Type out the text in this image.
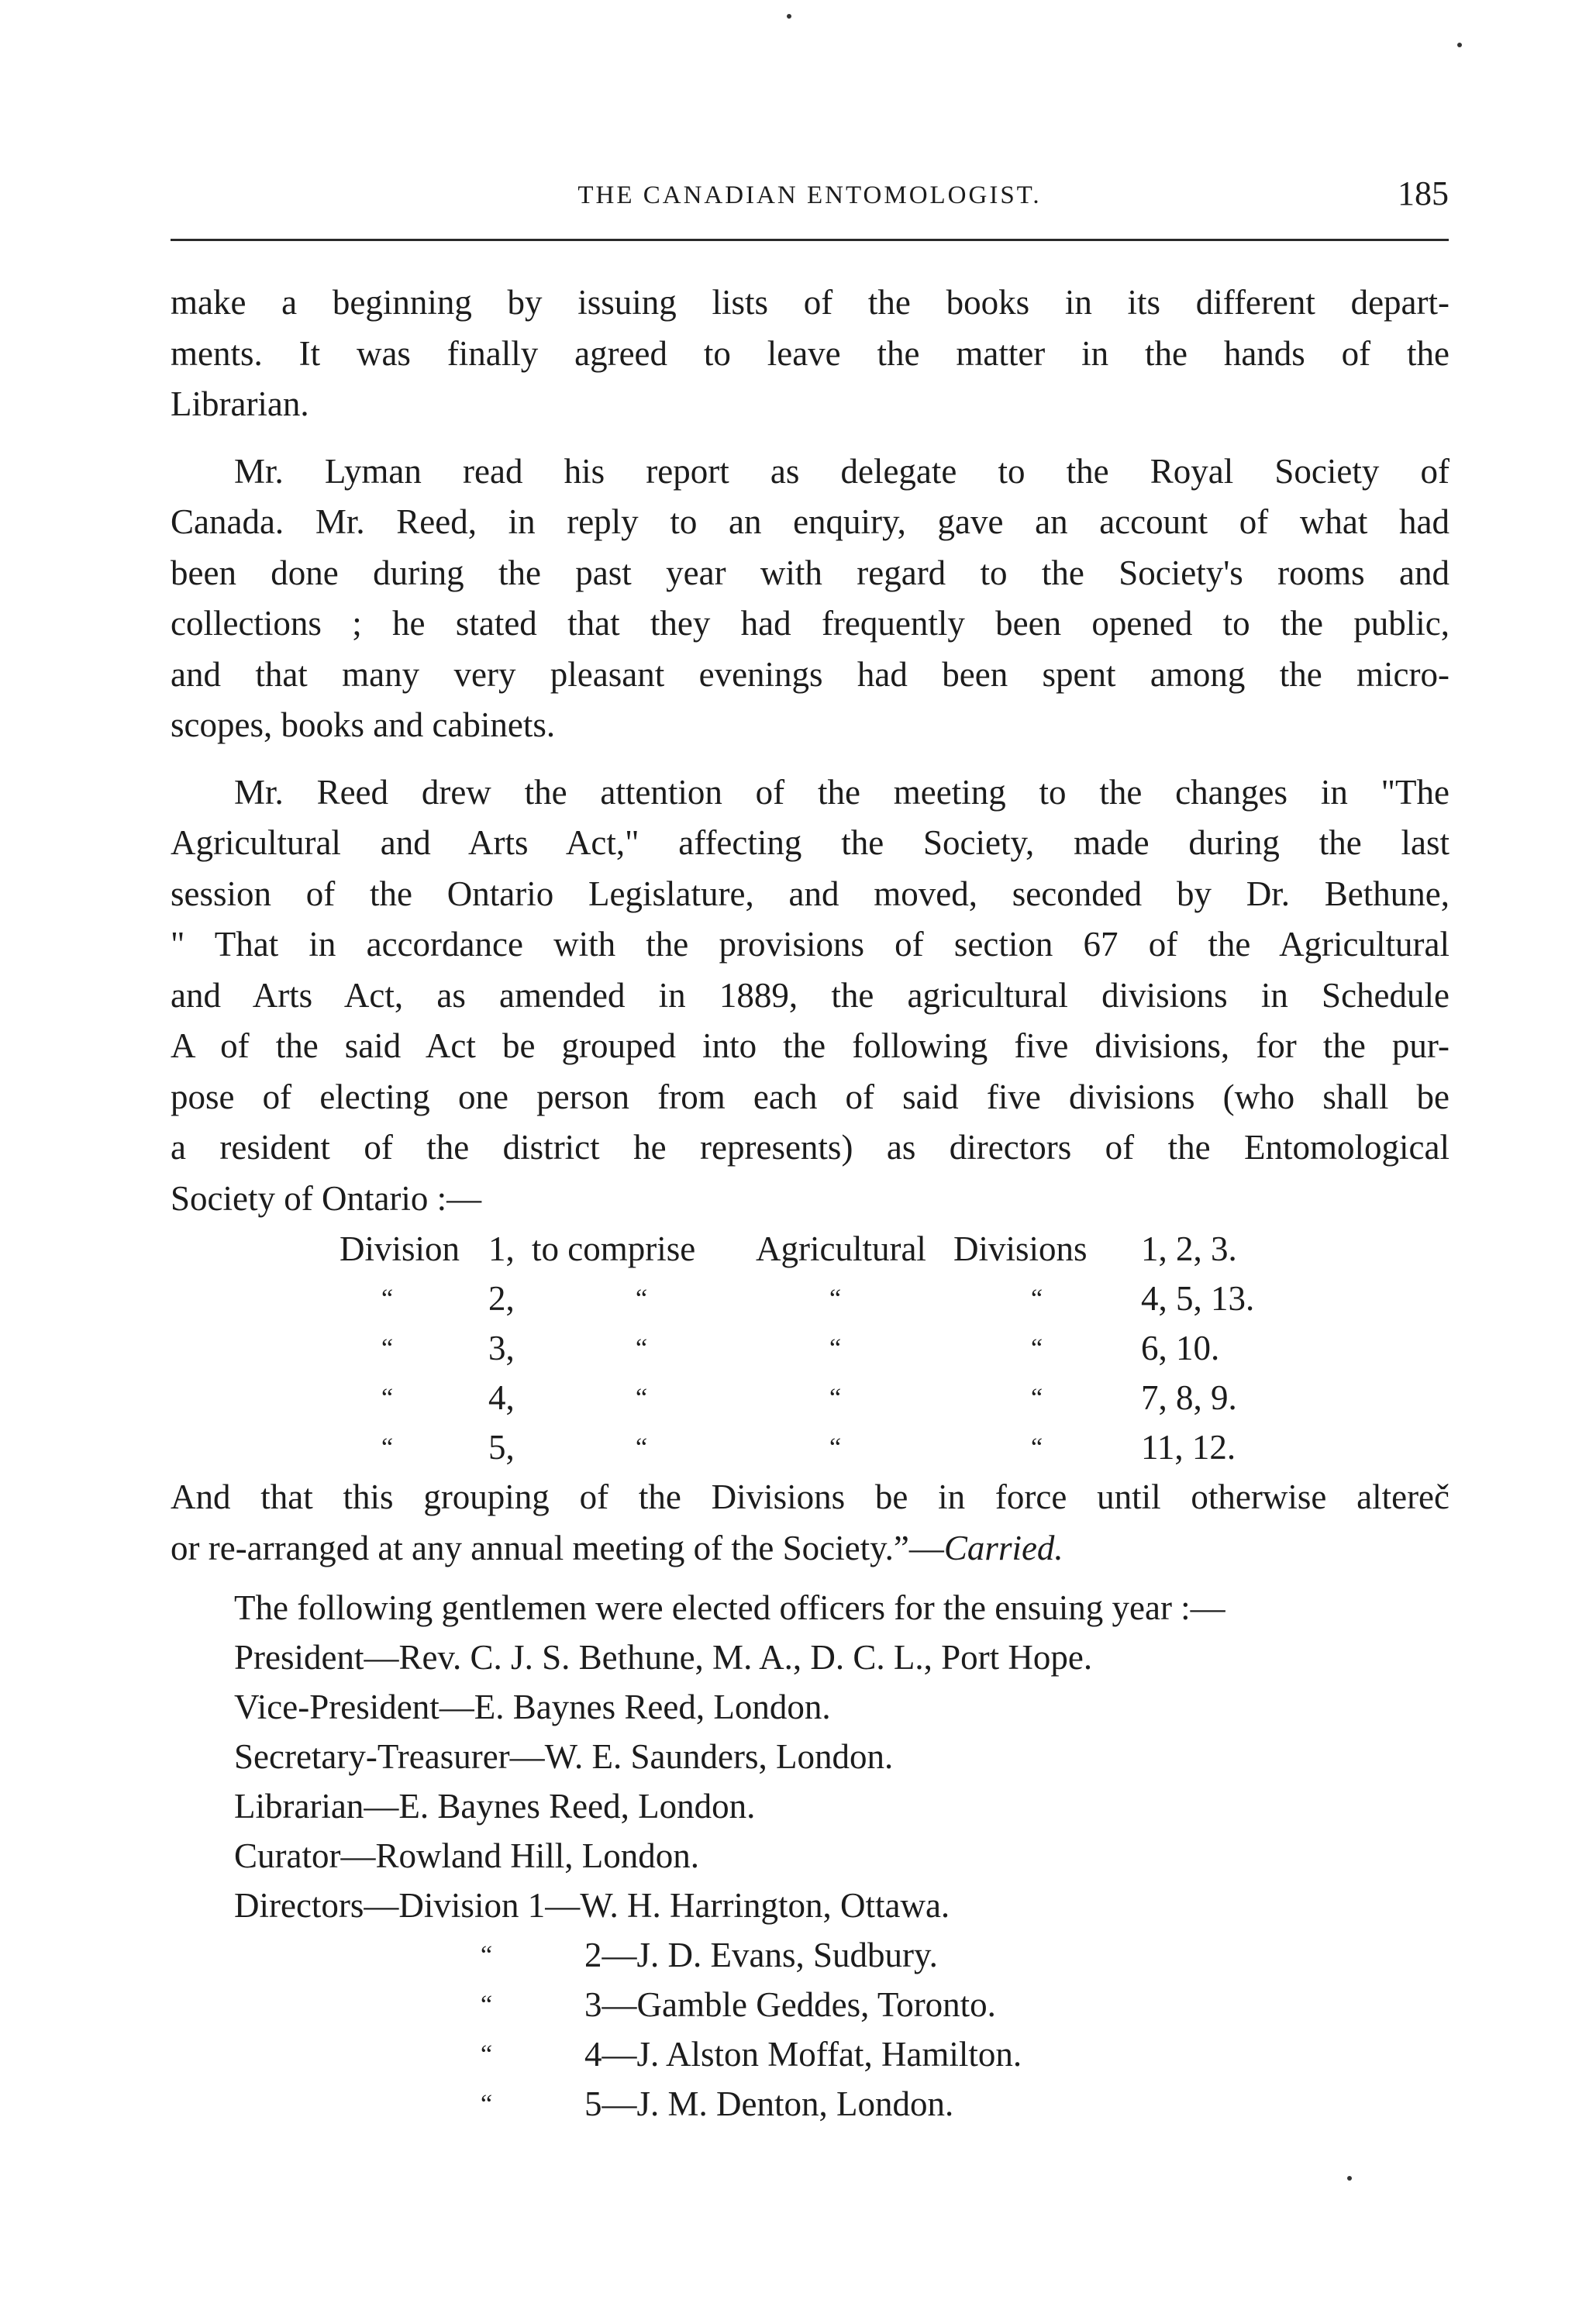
THE CANADIAN ENTOMOLOGIST.	185

make a beginning by issuing lists of the books in its different depart-
ments. It was finally agreed to leave the matter in the hands of the
Librarian.

Mr. Lyman read his report as delegate to the Royal Society of
Canada. Mr. Reed, in reply to an enquiry, gave an account of what had
been done during the past year with regard to the Society's rooms and
collections ; he stated that they had frequently been opened to the public,
and that many very pleasant evenings had been spent among the micro-
scopes, books and cabinets.

Mr. Reed drew the attention of the meeting to the changes in "The
Agricultural and Arts Act," affecting the Society, made during the last
session of the Ontario Legislature, and moved, seconded by Dr. Bethune,
" That in accordance with the provisions of section 67 of the Agricultural
and Arts Act, as amended in 1889, the agricultural divisions in Schedule
A of the said Act be grouped into the following five divisions, for the pur-
pose of electing one person from each of said five divisions (who shall be
a resident of the district he represents) as directors of the Entomological
Society of Ontario :—

Division 1, to comprise Agricultural Divisions 1, 2, 3.
“	2,	“	“	“	4, 5, 13.
“	3,	“	“	“	6, 10.
“	4,	“	“	“	7, 8, 9.
“	5,	“	“	“	11, 12.

And that this grouping of the Divisions be in force until otherwise altereč
or re-arranged at any annual meeting of the Society.”—Carried.

The following gentlemen were elected officers for the ensuing year :—
President—Rev. C. J. S. Bethune, M. A., D. C. L., Port Hope.
Vice-President—E. Baynes Reed, London.
Secretary-Treasurer—W. E. Saunders, London.
Librarian—E. Baynes Reed, London.
Curator—Rowland Hill, London.
Directors—Division 1—W. H. Harrington, Ottawa.
“	2—J. D. Evans, Sudbury.
“	3—Gamble Geddes, Toronto.
“	4—J. Alston Moffat, Hamilton.
“	5—J. M. Denton, London.
